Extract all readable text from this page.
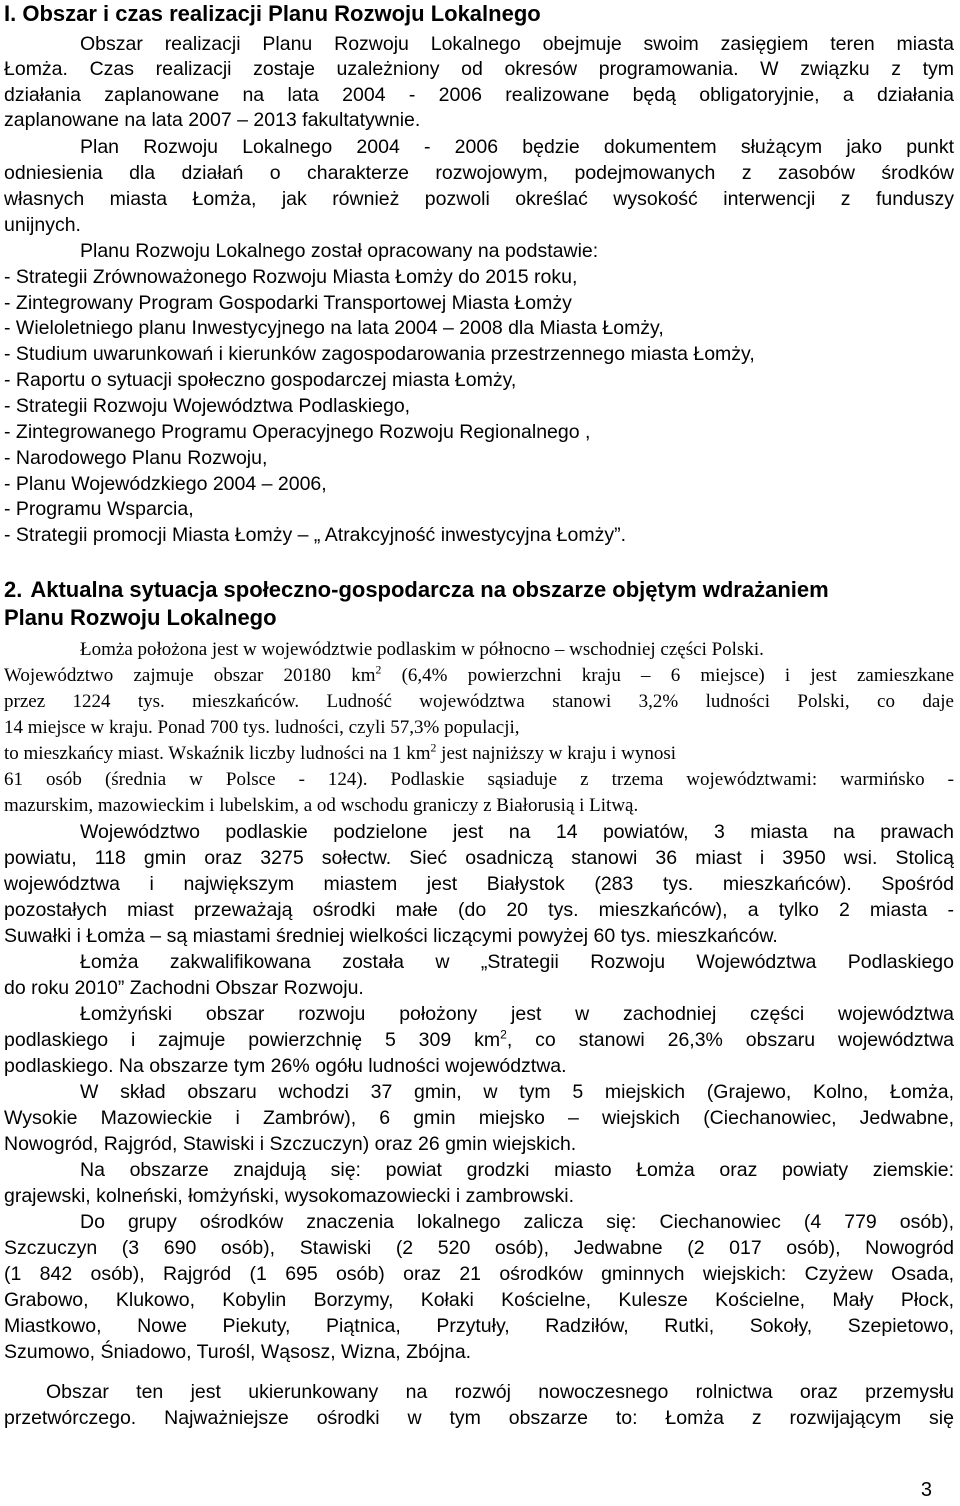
I. Obszar i czas realizacji Planu Rozwoju Lokalnego
Obszar realizacji Planu Rozwoju Lokalnego obejmuje swoim zasięgiem teren miasta
Łomża. Czas realizacji zostaje uzależniony od okresów programowania. W związku z tym
działania zaplanowane na lata 2004 - 2006 realizowane będą obligatoryjnie, a działania
zaplanowane na lata 2007 – 2013 fakultatywnie.
Plan Rozwoju Lokalnego 2004 - 2006 będzie dokumentem służącym jako punkt
odniesienia dla działań o charakterze rozwojowym, podejmowanych z zasobów środków
własnych miasta Łomża, jak również pozwoli określać wysokość interwencji z funduszy
unijnych.
Planu Rozwoju Lokalnego został opracowany na podstawie:
- Strategii Zrównoważonego Rozwoju Miasta Łomży do 2015 roku,
- Zintegrowany Program Gospodarki Transportowej Miasta Łomży
- Wieloletniego planu Inwestycyjnego na lata 2004 – 2008 dla Miasta Łomży,
- Studium uwarunkowań i kierunków zagospodarowania przestrzennego miasta Łomży,
- Raportu o sytuacji społeczno gospodarczej miasta Łomży,
- Strategii Rozwoju Województwa Podlaskiego,
- Zintegrowanego Programu Operacyjnego Rozwoju Regionalnego ,
- Narodowego Planu Rozwoju,
- Planu Wojewódzkiego 2004 – 2006,
- Programu Wsparcia,
- Strategii promocji Miasta Łomży – „ Atrakcyjność inwestycyjna Łomży”.
2. Aktualna sytuacja społeczno-gospodarcza na obszarze objętym wdrażaniem
Planu Rozwoju Lokalnego
Łomża położona jest w województwie podlaskim w północno – wschodniej części Polski.
Województwo zajmuje obszar 20180 $km^2$ (6,4% powierzchni kraju – 6 miejsce) i jest zamieszkane
przez 1224 tys. mieszkańców. Ludność województwa stanowi 3,2% ludności Polski, co daje
14 miejsce w kraju. Ponad 700 tys. ludności, czyli 57,3% populacji,
to mieszkańcy miast. Wskaźnik liczby ludności na 1 $km^2$ jest najniższy w kraju i wynosi
61 osób (średnia w Polsce - 124). Podlaskie sąsiaduje z trzema województwami: warmińsko -
mazurskim, mazowieckim i lubelskim, a od wschodu graniczy z Białorusią i Litwą.
Województwo podlaskie podzielone jest na 14 powiatów, 3 miasta na prawach
powiatu, 118 gmin oraz 3275 sołectw. Sieć osadniczą stanowi 36 miast i 3950 wsi. Stolicą
województwa i największym miastem jest Białystok (283 tys. mieszkańców). Spośród
pozostałych miast przeważają ośrodki małe (do 20 tys. mieszkańców), a tylko 2 miasta -
Suwałki i Łomża – są miastami średniej wielkości liczącymi powyżej 60 tys. mieszkańców.
Łomża zakwalifikowana została w „Strategii Rozwoju Województwa Podlaskiego
do roku 2010” Zachodni Obszar Rozwoju.
Łomżyński obszar rozwoju położony jest w zachodniej części województwa
podlaskiego i zajmuje powierzchnię 5 309 $km^2$, co stanowi 26,3% obszaru województwa
podlaskiego. Na obszarze tym 26% ogółu ludności województwa.
W skład obszaru wchodzi 37 gmin, w tym 5 miejskich (Grajewo, Kolno, Łomża,
Wysokie Mazowieckie i Zambrów), 6 gmin miejsko – wiejskich (Ciechanowiec, Jedwabne,
Nowogród, Rajgród, Stawiski i Szczuczyn) oraz 26 gmin wiejskich.
Na obszarze znajdują się: powiat grodzki miasto Łomża oraz powiaty ziemskie:
grajewski, kolneński, łomżyński, wysokomazowiecki i zambrowski.
Do grupy ośrodków znaczenia lokalnego zalicza się: Ciechanowiec (4 779 osób),
Szczuczyn (3 690 osób), Stawiski (2 520 osób), Jedwabne (2 017 osób), Nowogród
(1 842 osób), Rajgród (1 695 osób) oraz 21 ośrodków gminnych wiejskich: Czyżew Osada,
Grabowo, Klukowo, Kobylin Borzymy, Kołaki Kościelne, Kulesze Kościelne, Mały Płock,
Miastkowo, Nowe Piekuty, Piątnica, Przytuły, Radziłów, Rutki, Sokoły, Szepietowo,
Szumowo, Śniadowo, Turośl, Wąsosz, Wizna, Zbójna.
Obszar ten jest ukierunkowany na rozwój nowoczesnego rolnictwa oraz przemysłu
przetwórczego. Najważniejsze ośrodki w tym obszarze to: Łomża z rozwijającym się
3
